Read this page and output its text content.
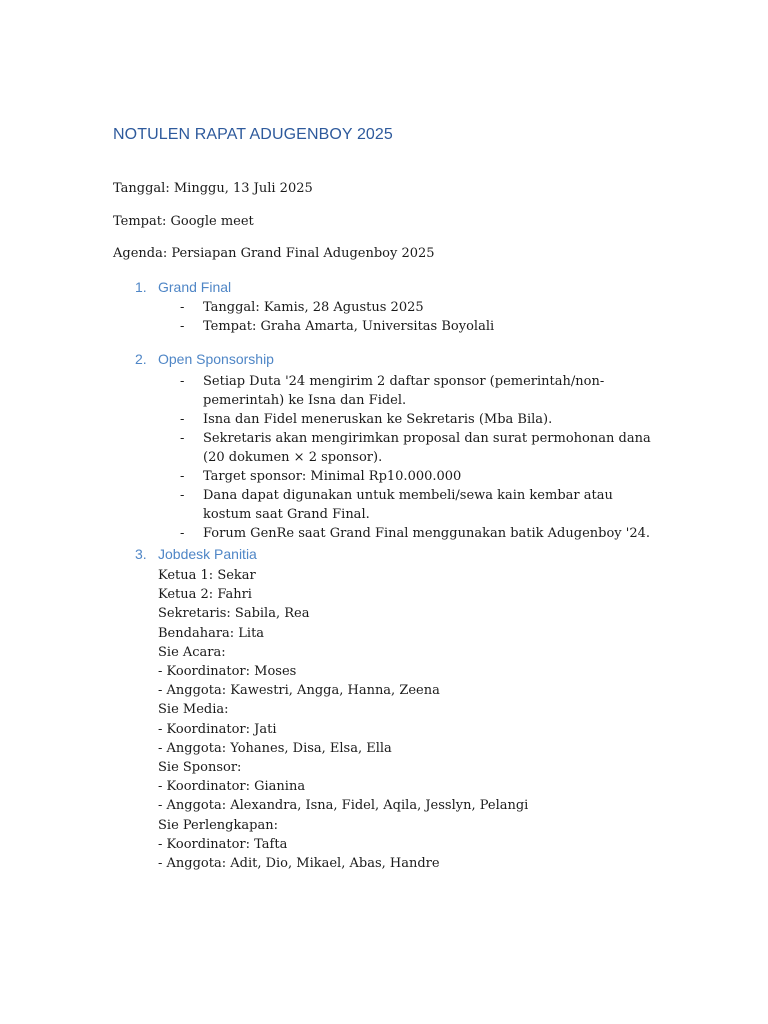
NOTULEN RAPAT ADUGENBOY 2025
Tanggal: Minggu, 13 Juli 2025
Tempat: Google meet
Agenda: Persiapan Grand Final Adugenboy 2025
1. Grand Final
- Tanggal: Kamis, 28 Agustus 2025
- Tempat: Graha Amarta, Universitas Boyolali
2. Open Sponsorship
- Setiap Duta '24 mengirim 2 daftar sponsor (pemerintah/non-pemerintah) ke Isna dan Fidel.
- Isna dan Fidel meneruskan ke Sekretaris (Mba Bila).
- Sekretaris akan mengirimkan proposal dan surat permohonan dana (20 dokumen × 2 sponsor).
- Target sponsor: Minimal Rp10.000.000
- Dana dapat digunakan untuk membeli/sewa kain kembar atau kostum saat Grand Final.
- Forum GenRe saat Grand Final menggunakan batik Adugenboy '24.
3. Jobdesk Panitia
Ketua 1: Sekar
Ketua 2: Fahri
Sekretaris: Sabila, Rea
Bendahara: Lita
Sie Acara:
- Koordinator: Moses
- Anggota: Kawestri, Angga, Hanna, Zeena
Sie Media:
- Koordinator: Jati
- Anggota: Yohanes, Disa, Elsa, Ella
Sie Sponsor:
- Koordinator: Gianina
- Anggota: Alexandra, Isna, Fidel, Aqila, Jesslyn, Pelangi
Sie Perlengkapan:
- Koordinator: Tafta
- Anggota: Adit, Dio, Mikael, Abas, Handre
